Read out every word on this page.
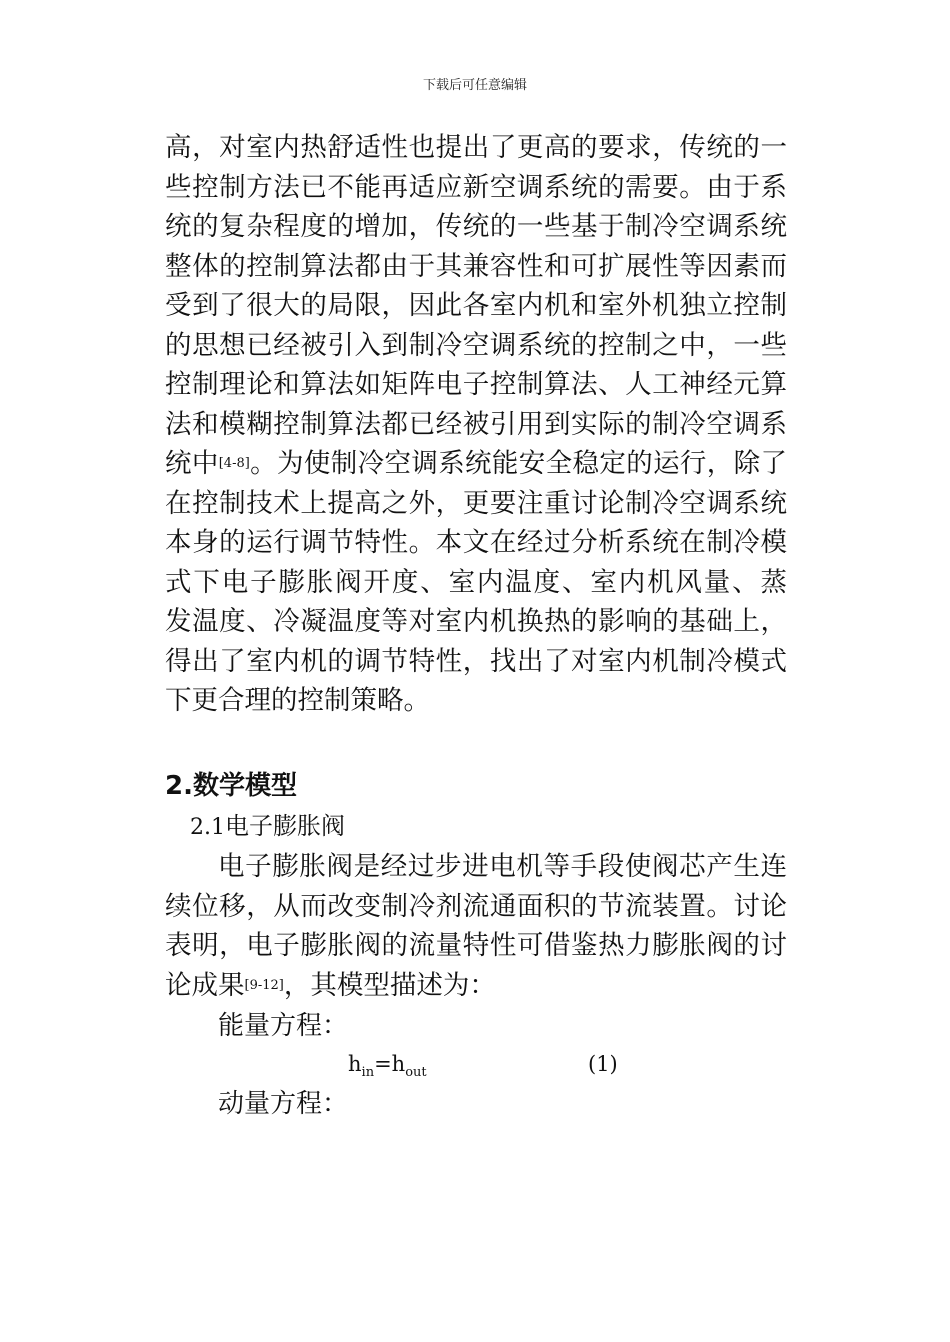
下载后可任意编辑
高，对室内热舒适性也提出了更高的要求，传统的一
些控制方法已不能再适应新空调系统的需要。由于系
统的复杂程度的增加，传统的一些基于制冷空调系统
整体的控制算法都由于其兼容性和可扩展性等因素而
受到了很大的局限，因此各室内机和室外机独立控制
的思想已经被引入到制冷空调系统的控制之中，一些
控制理论和算法如矩阵电子控制算法、人工神经元算
法和模糊控制算法都已经被引用到实际的制冷空调系
统中[4-8]。为使制冷空调系统能安全稳定的运行，除了
在控制技术上提高之外，更要注重讨论制冷空调系统
本身的运行调节特性。本文在经过分析系统在制冷模
式下电子膨胀阀开度、室内温度、室内机风量、蒸
发温度、冷凝温度等对室内机换热的影响的基础上，
得出了室内机的调节特性，找出了对室内机制冷模式
下更合理的控制策略。
2.数学模型
2.1电子膨胀阀
电子膨胀阀是经过步进电机等手段使阀芯产生连
续位移，从而改变制冷剂流通面积的节流装置。讨论
表明，电子膨胀阀的流量特性可借鉴热力膨胀阀的讨
论成果[9-12]，其模型描述为：
能量方程：
$h_{in}=h_{out}$	(1)
动量方程：
